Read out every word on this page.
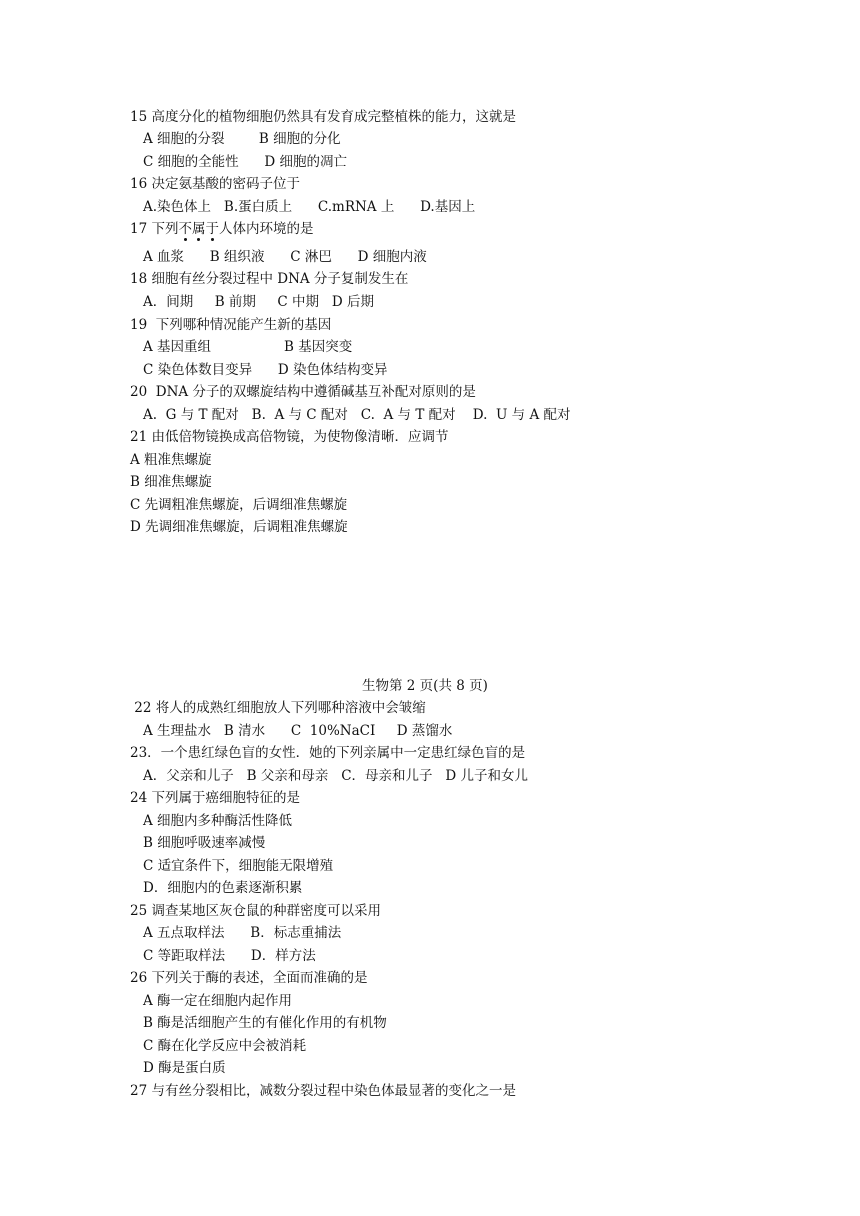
15 高度分化的植物细胞仍然具有发育成完整植株的能力，这就是
A 细胞的分裂        B 细胞的分化
C 细胞的全能性      D 细胞的凋亡
16 决定氨基酸的密码子位于
A.染色体上   B.蛋白质上      C.mRNA 上      D.基因上
17 下列不
属
于
人体内环境的是
A 血浆      B 组织液      C 淋巴      D 细胞内液
18 细胞有丝分裂过程中 DNA 分子复制发生在
A．间期     B 前期     C 中期   D 后期
19  下列哪种情况能产生新的基因
A 基因重组                 B 基因突变
C 染色体数目变异      D 染色体结构变异
20  DNA 分子的双螺旋结构中遵循碱基互补配对原则的是
A.  G 与 T 配对   B.  A 与 C 配对   C.  A 与 T 配对    D.  U 与 A 配对
21 由低倍物镜换成高倍物镜，为使物像清晰．应调节
A 粗准焦螺旋
B 细准焦螺旋
C 先调粗准焦螺旋，后调细准焦螺旋
D 先调细准焦螺旋，后调粗准焦螺旋
生物第 2 页(共 8 页)
22 将人的成熟红细胞放人下列哪种溶液中会皱缩
A 生理盐水   B 清水      C  10%NaCI     D 蒸馏水
23．一个患红绿色盲的女性．她的下列亲属中一定患红绿色盲的是
A．父亲和儿子   B 父亲和母亲   C．母亲和儿子   D 儿子和女儿
24 下列属于癌细胞特征的是
A 细胞内多种酶活性降低
B 细胞呼吸速率减慢
C 适宜条件下，细胞能无限增殖
D．细胞内的色素逐渐积累
25 调查某地区灰仓鼠的种群密度可以采用
A 五点取样法      B．标志重捕法
C 等距取样法      D．样方法
26 下列关于酶的表述，全面而准确的是
A 酶一定在细胞内起作用
B 酶是活细胞产生的有催化作用的有机物
C 酶在化学反应中会被消耗
D 酶是蛋白质
27 与有丝分裂相比，减数分裂过程中染色体最显著的变化之一是
